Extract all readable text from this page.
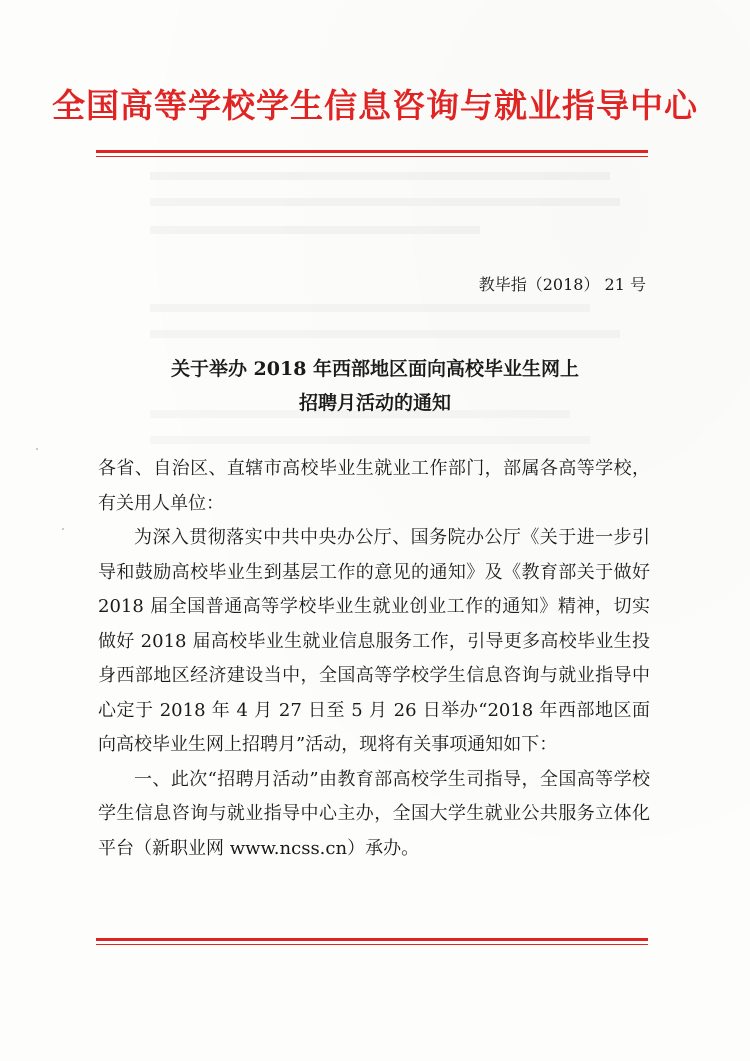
全国高等学校学生信息咨询与就业指导中心
教毕指（2018） 21 号
关于举办 2018 年西部地区面向高校毕业生网上
招聘月活动的通知

各省、自治区、直辖市高校毕业生就业工作部门，部属各高等学校，有关用人单位：

为深入贯彻落实中共中央办公厅、国务院办公厅《关于进一步引导和鼓励高校毕业生到基层工作的意见的通知》及《教育部关于做好 2018 届全国普通高等学校毕业生就业创业工作的通知》精神，切实做好 2018 届高校毕业生就业信息服务工作，引导更多高校毕业生投身西部地区经济建设当中，全国高等学校学生信息咨询与就业指导中心定于 2018 年 4 月 27 日至 5 月 26 日举办“2018 年西部地区面向高校毕业生网上招聘月”活动，现将有关事项通知如下：

一、此次“招聘月活动”由教育部高校学生司指导，全国高等学校学生信息咨询与就业指导中心主办，全国大学生就业公共服务立体化平台（新职业网 www.ncss.cn）承办。
